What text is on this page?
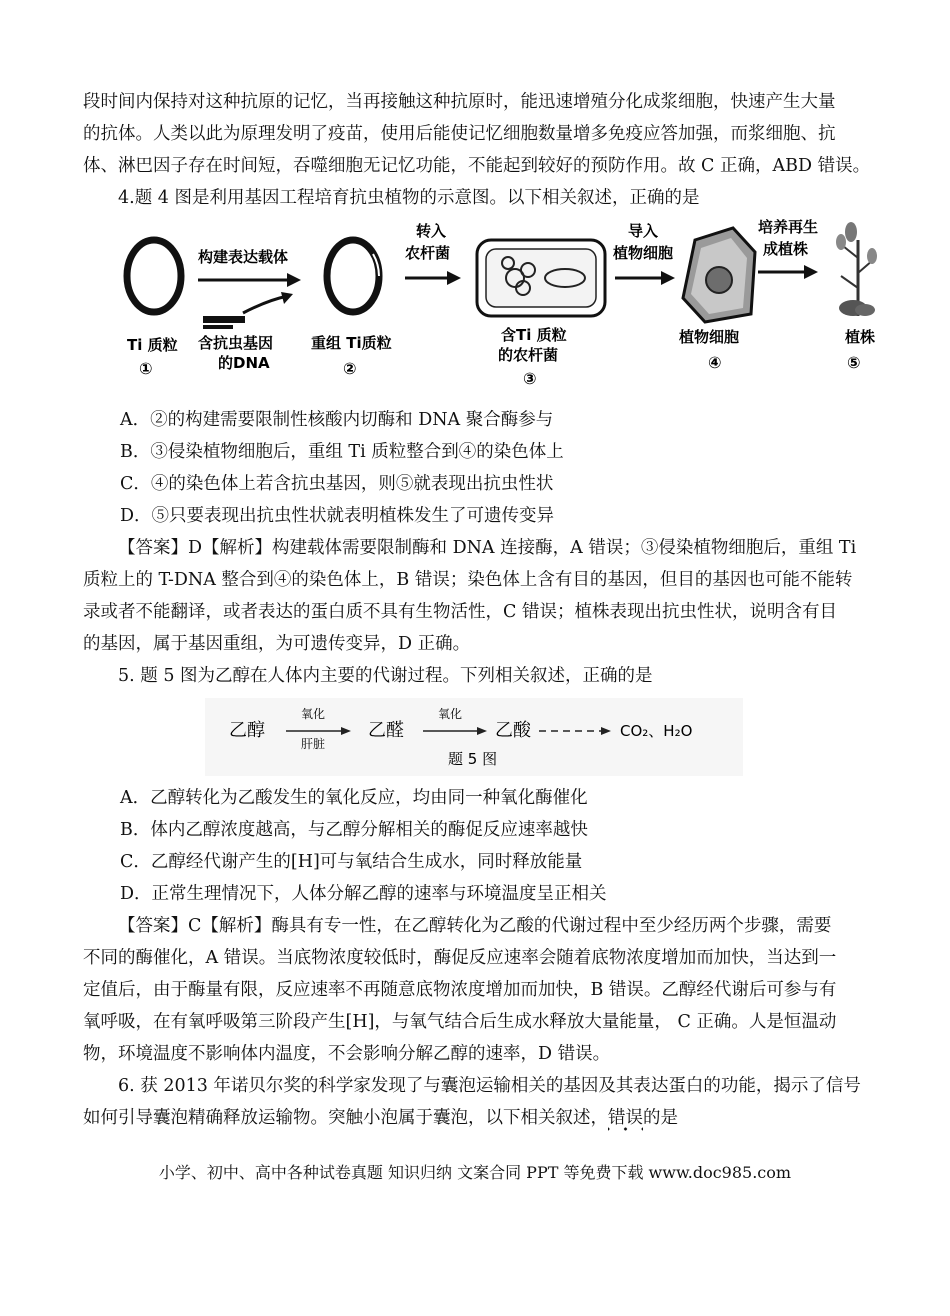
段时间内保持对这种抗原的记忆，当再接触这种抗原时，能迅速增殖分化成浆细胞，快速产生大量
的抗体。人类以此为原理发明了疫苗，使用后能使记忆细胞数量增多免疫应答加强，而浆细胞、抗
体、淋巴因子存在时间短，吞噬细胞无记忆功能，不能起到较好的预防作用。故 C 正确，ABD 错误。
4.题 4 图是利用基因工程培育抗虫植物的示意图。以下相关叙述，正确的是
Ti 质粒
①
构建表达载体
含抗虫基因
的DNA
重组 Ti质粒
②
转入
农杆菌
含Ti 质粒
的农杆菌
③
导入
植物细胞
植物细胞
④
培养再生
成植株
植株
⑤
A．②的构建需要限制性核酸内切酶和 DNA 聚合酶参与
B．③侵染植物细胞后，重组 Ti 质粒整合到④的染色体上
C．④的染色体上若含抗虫基因，则⑤就表现出抗虫性状
D．⑤只要表现出抗虫性状就表明植株发生了可遗传变异
【答案】D【解析】构建载体需要限制酶和 DNA 连接酶，A 错误；③侵染植物细胞后，重组 Ti
质粒上的 T-DNA 整合到④的染色体上，B 错误；染色体上含有目的基因，但目的基因也可能不能转
录或者不能翻译，或者表达的蛋白质不具有生物活性，C 错误；植株表现出抗虫性状，说明含有目
的基因，属于基因重组，为可遗传变异，D 正确。
5. 题 5 图为乙醇在人体内主要的代谢过程。下列相关叙述，正确的是
乙醇
氧化
肝脏
乙醛
氧化
乙酸	CO₂、H₂O
题 5 图
A．乙醇转化为乙酸发生的氧化反应，均由同一种氧化酶催化
B．体内乙醇浓度越高，与乙醇分解相关的酶促反应速率越快
C．乙醇经代谢产生的[H]可与氧结合生成水，同时释放能量
D．正常生理情况下，人体分解乙醇的速率与环境温度呈正相关
【答案】C【解析】酶具有专一性，在乙醇转化为乙酸的代谢过程中至少经历两个步骤，需要
不同的酶催化，A 错误。当底物浓度较低时，酶促反应速率会随着底物浓度增加而加快，当达到一
定值后，由于酶量有限，反应速率不再随意底物浓度增加而加快，B 错误。乙醇经代谢后可参与有
氧呼吸，在有氧呼吸第三阶段产生[H]，与氧气结合后生成水释放大量能量， C 正确。人是恒温动
物，环境温度不影响体内温度，不会影响分解乙醇的速率，D 错误。
6. 获 2013 年诺贝尔奖的科学家发现了与囊泡运输相关的基因及其表达蛋白的功能，揭示了信号
如何引导囊泡精确释放运输物。突触小泡属于囊泡，以下相关叙述，错误的是
小学、初中、高中各种试卷真题 知识归纳 文案合同 PPT 等免费下载 www.doc985.com
